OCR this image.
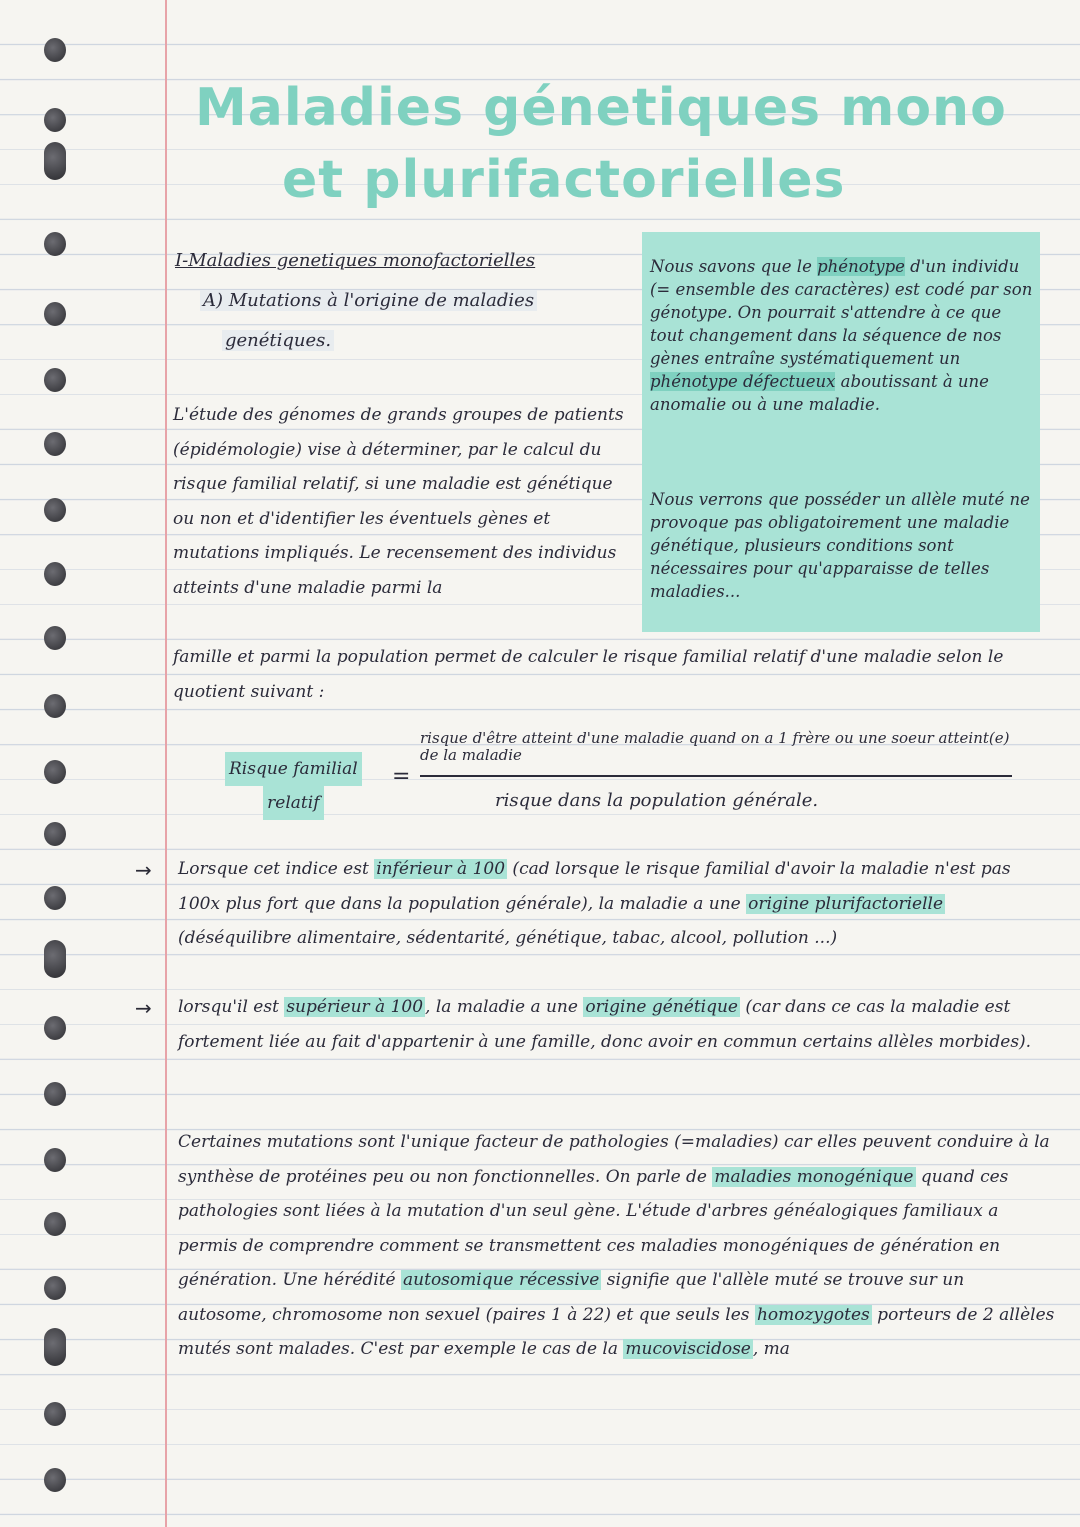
Maladies génetiques mono
et plurifactorielles
I-Maladies genetiques monofactorielles
A) Mutations à l'origine de maladies
genétiques.
Nous savons que le phénotype d'un individu (= ensemble des caractères) est codé par son génotype. On pourrait s'attendre à ce que tout changement dans la séquence de nos gènes entraîne systématiquement un phénotype défectueux aboutissant à une anomalie ou à une maladie.
Nous verrons que posséder un allèle muté ne provoque pas obligatoirement une maladie génétique, plusieurs conditions sont nécessaires pour qu'apparaisse de telles maladies...
L'étude des génomes de grands groupes de patients (épidémologie) vise à déterminer, par le calcul du risque familial relatif, si une maladie est génétique ou non et d'identifier les éventuels gènes et mutations impliqués. Le recensement des individus atteints d'une maladie parmi la
famille et parmi la population permet de calculer le risque familial relatif d'une maladie selon le quotient suivant :
Risque familial
relatif
=
risque d'être atteint d'une maladie quand on a 1 frère ou une soeur atteint(e) de la maladie
risque dans la population générale.
→ Lorsque cet indice est inférieur à 100 (cad lorsque le risque familial d'avoir la maladie n'est pas 100x plus fort que dans la population générale), la maladie a une origine plurifactorielle (déséquilibre alimentaire, sédentarité, génétique, tabac, alcool, pollution ...)
→ lorsqu'il est supérieur à 100 , la maladie a une origine génétique (car dans ce cas la maladie est fortement liée au fait d'appartenir à une famille, donc avoir en commun certains allèles morbides).
Certaines mutations sont l'unique facteur de pathologies (=maladies) car elles peuvent conduire à la synthèse de protéines peu ou non fonctionnelles. On parle de maladies monogénique quand ces pathologies sont liées à la mutation d'un seul gène. L'étude d'arbres généalogiques familiaux a permis de comprendre comment se transmettent ces maladies monogéniques de génération en génération. Une hérédité autosomique récessive signifie que l'allèle muté se trouve sur un autosome, chromosome non sexuel (paires 1 à 22) et que seuls les homozygotes porteurs de 2 allèles mutés sont malades. C'est par exemple le cas de la mucoviscidose , ma
